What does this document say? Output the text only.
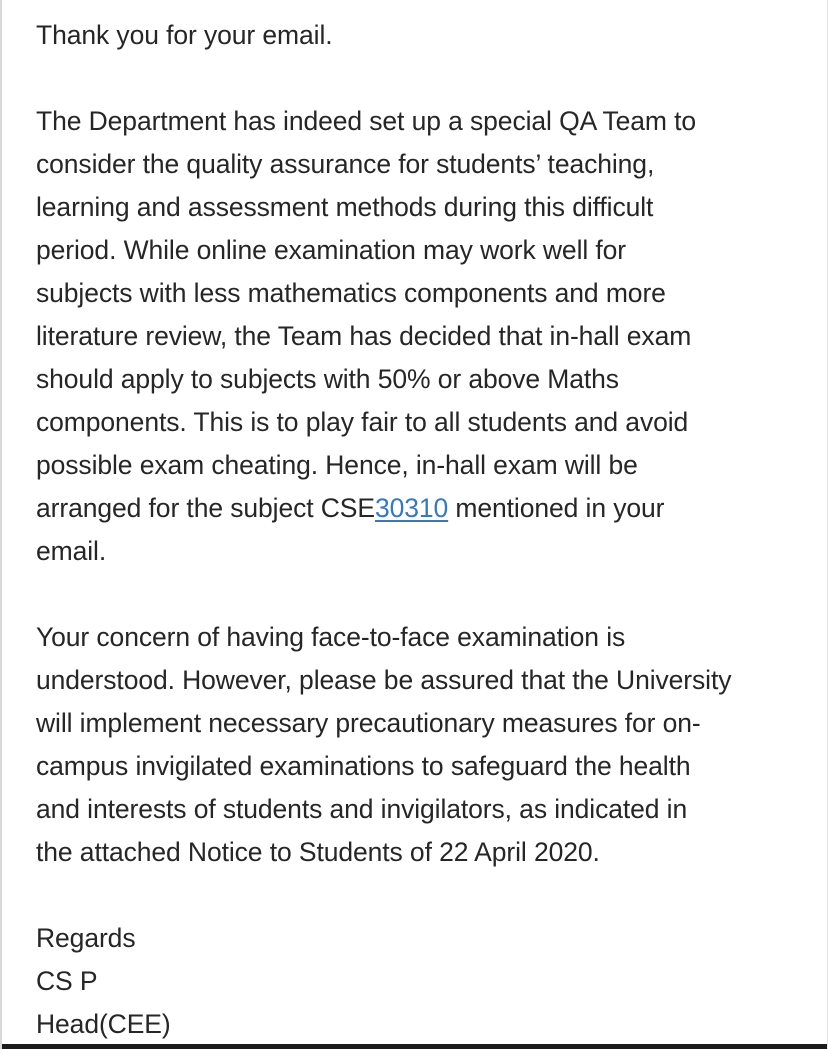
Thank you for your email.

The Department has indeed set up a special QA Team to

consider the quality assurance for students’ teaching,

learning and assessment methods during this difficult

period. While online examination may work well for

subjects with less mathematics components and more

literature review, the Team has decided that in-hall exam

should apply to subjects with 50% or above Maths

components. This is to play fair to all students and avoid

possible exam cheating. Hence, in-hall exam will be

arranged for the subject CSE30310 mentioned in your

email.

Your concern of having face-to-face examination is

understood. However, please be assured that the University

will implement necessary precautionary measures for on-

campus invigilated examinations to safeguard the health

and interests of students and invigilators, as indicated in

the attached Notice to Students of 22 April 2020.

Regards
CS P
Head(CEE)
